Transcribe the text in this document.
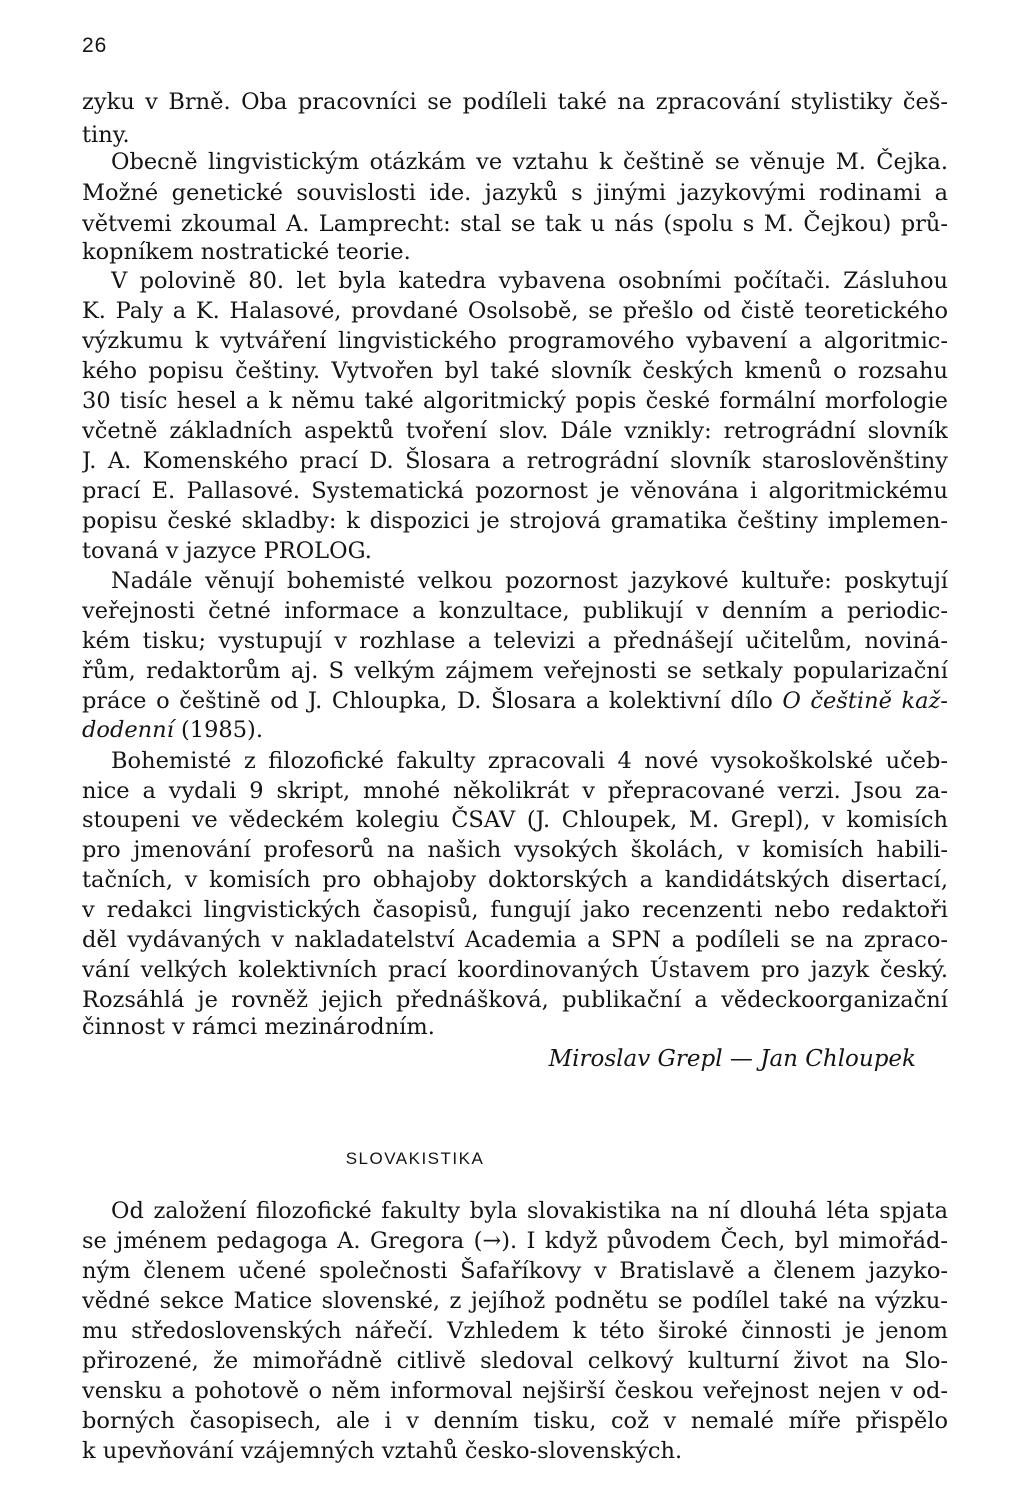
26
zyku v Brně. Oba pracovníci se podíleli také na zpracování stylistiky češ-
tiny.
Obecně lingvistickým otázkám ve vztahu k češtině se věnuje M. Čejka.
Možné genetické souvislosti ide. jazyků s jinými jazykovými rodinami a
větvemi zkoumal A. Lamprecht: stal se tak u nás (spolu s M. Čejkou) prů-
kopníkem nostratické teorie.
V polovině 80. let byla katedra vybavena osobními počítači. Zásluhou
K. Paly a K. Halasové, provdané Osolsobě, se přešlo od čistě teoretického
výzkumu k vytváření lingvistického programového vybavení a algoritmic-
kého popisu češtiny. Vytvořen byl také slovník českých kmenů o rozsahu
30 tisíc hesel a k němu také algoritmický popis české formální morfologie
včetně základních aspektů tvoření slov. Dále vznikly: retrográdní slovník
J. A. Komenského prací D. Šlosara a retrográdní slovník staroslověnštiny
prací E. Pallasové. Systematická pozornost je věnována i algoritmickému
popisu české skladby: k dispozici je strojová gramatika češtiny implemen-
tovaná v jazyce PROLOG.
Nadále věnují bohemisté velkou pozornost jazykové kultuře: poskytují
veřejnosti četné informace a konzultace, publikují v denním a periodic-
kém tisku; vystupují v rozhlase a televizi a přednášejí učitelům, noviná-
řům, redaktorům aj. S velkým zájmem veřejnosti se setkaly popularizační
práce o češtině od J. Chloupka, D. Šlosara a kolektivní dílo O češtině kaž-
dodenní (1985).
Bohemisté z filozofické fakulty zpracovali 4 nové vysokoškolské učeb-
nice a vydali 9 skript, mnohé několikrát v přepracované verzi. Jsou za-
stoupeni ve vědeckém kolegiu ČSAV (J. Chloupek, M. Grepl), v komisích
pro jmenování profesorů na našich vysokých školách, v komisích habili-
tačních, v komisích pro obhajoby doktorských a kandidátských disertací,
v redakci lingvistických časopisů, fungují jako recenzenti nebo redaktoři
děl vydávaných v nakladatelství Academia a SPN a podíleli se na zpraco-
vání velkých kolektivních prací koordinovaných Ústavem pro jazyk český.
Rozsáhlá je rovněž jejich přednášková, publikační a vědeckoorganizační
činnost v rámci mezinárodním.
Miroslav Grepl — Jan Chloupek
SLOVAKISTIKA
Od založení filozofické fakulty byla slovakistika na ní dlouhá léta spjata
se jménem pedagoga A. Gregora (→). I když původem Čech, byl mimořád-
ným členem učené společnosti Šafaříkovy v Bratislavě a členem jazyko-
vědné sekce Matice slovenské, z jejíhož podnětu se podílel také na výzku-
mu středoslovenských nářečí. Vzhledem k této široké činnosti je jenom
přirozené, že mimořádně citlivě sledoval celkový kulturní život na Slo-
vensku a pohotově o něm informoval nejširší českou veřejnost nejen v od-
borných časopisech, ale i v denním tisku, což v nemalé míře přispělo
k upevňování vzájemných vztahů česko-slovenských.
